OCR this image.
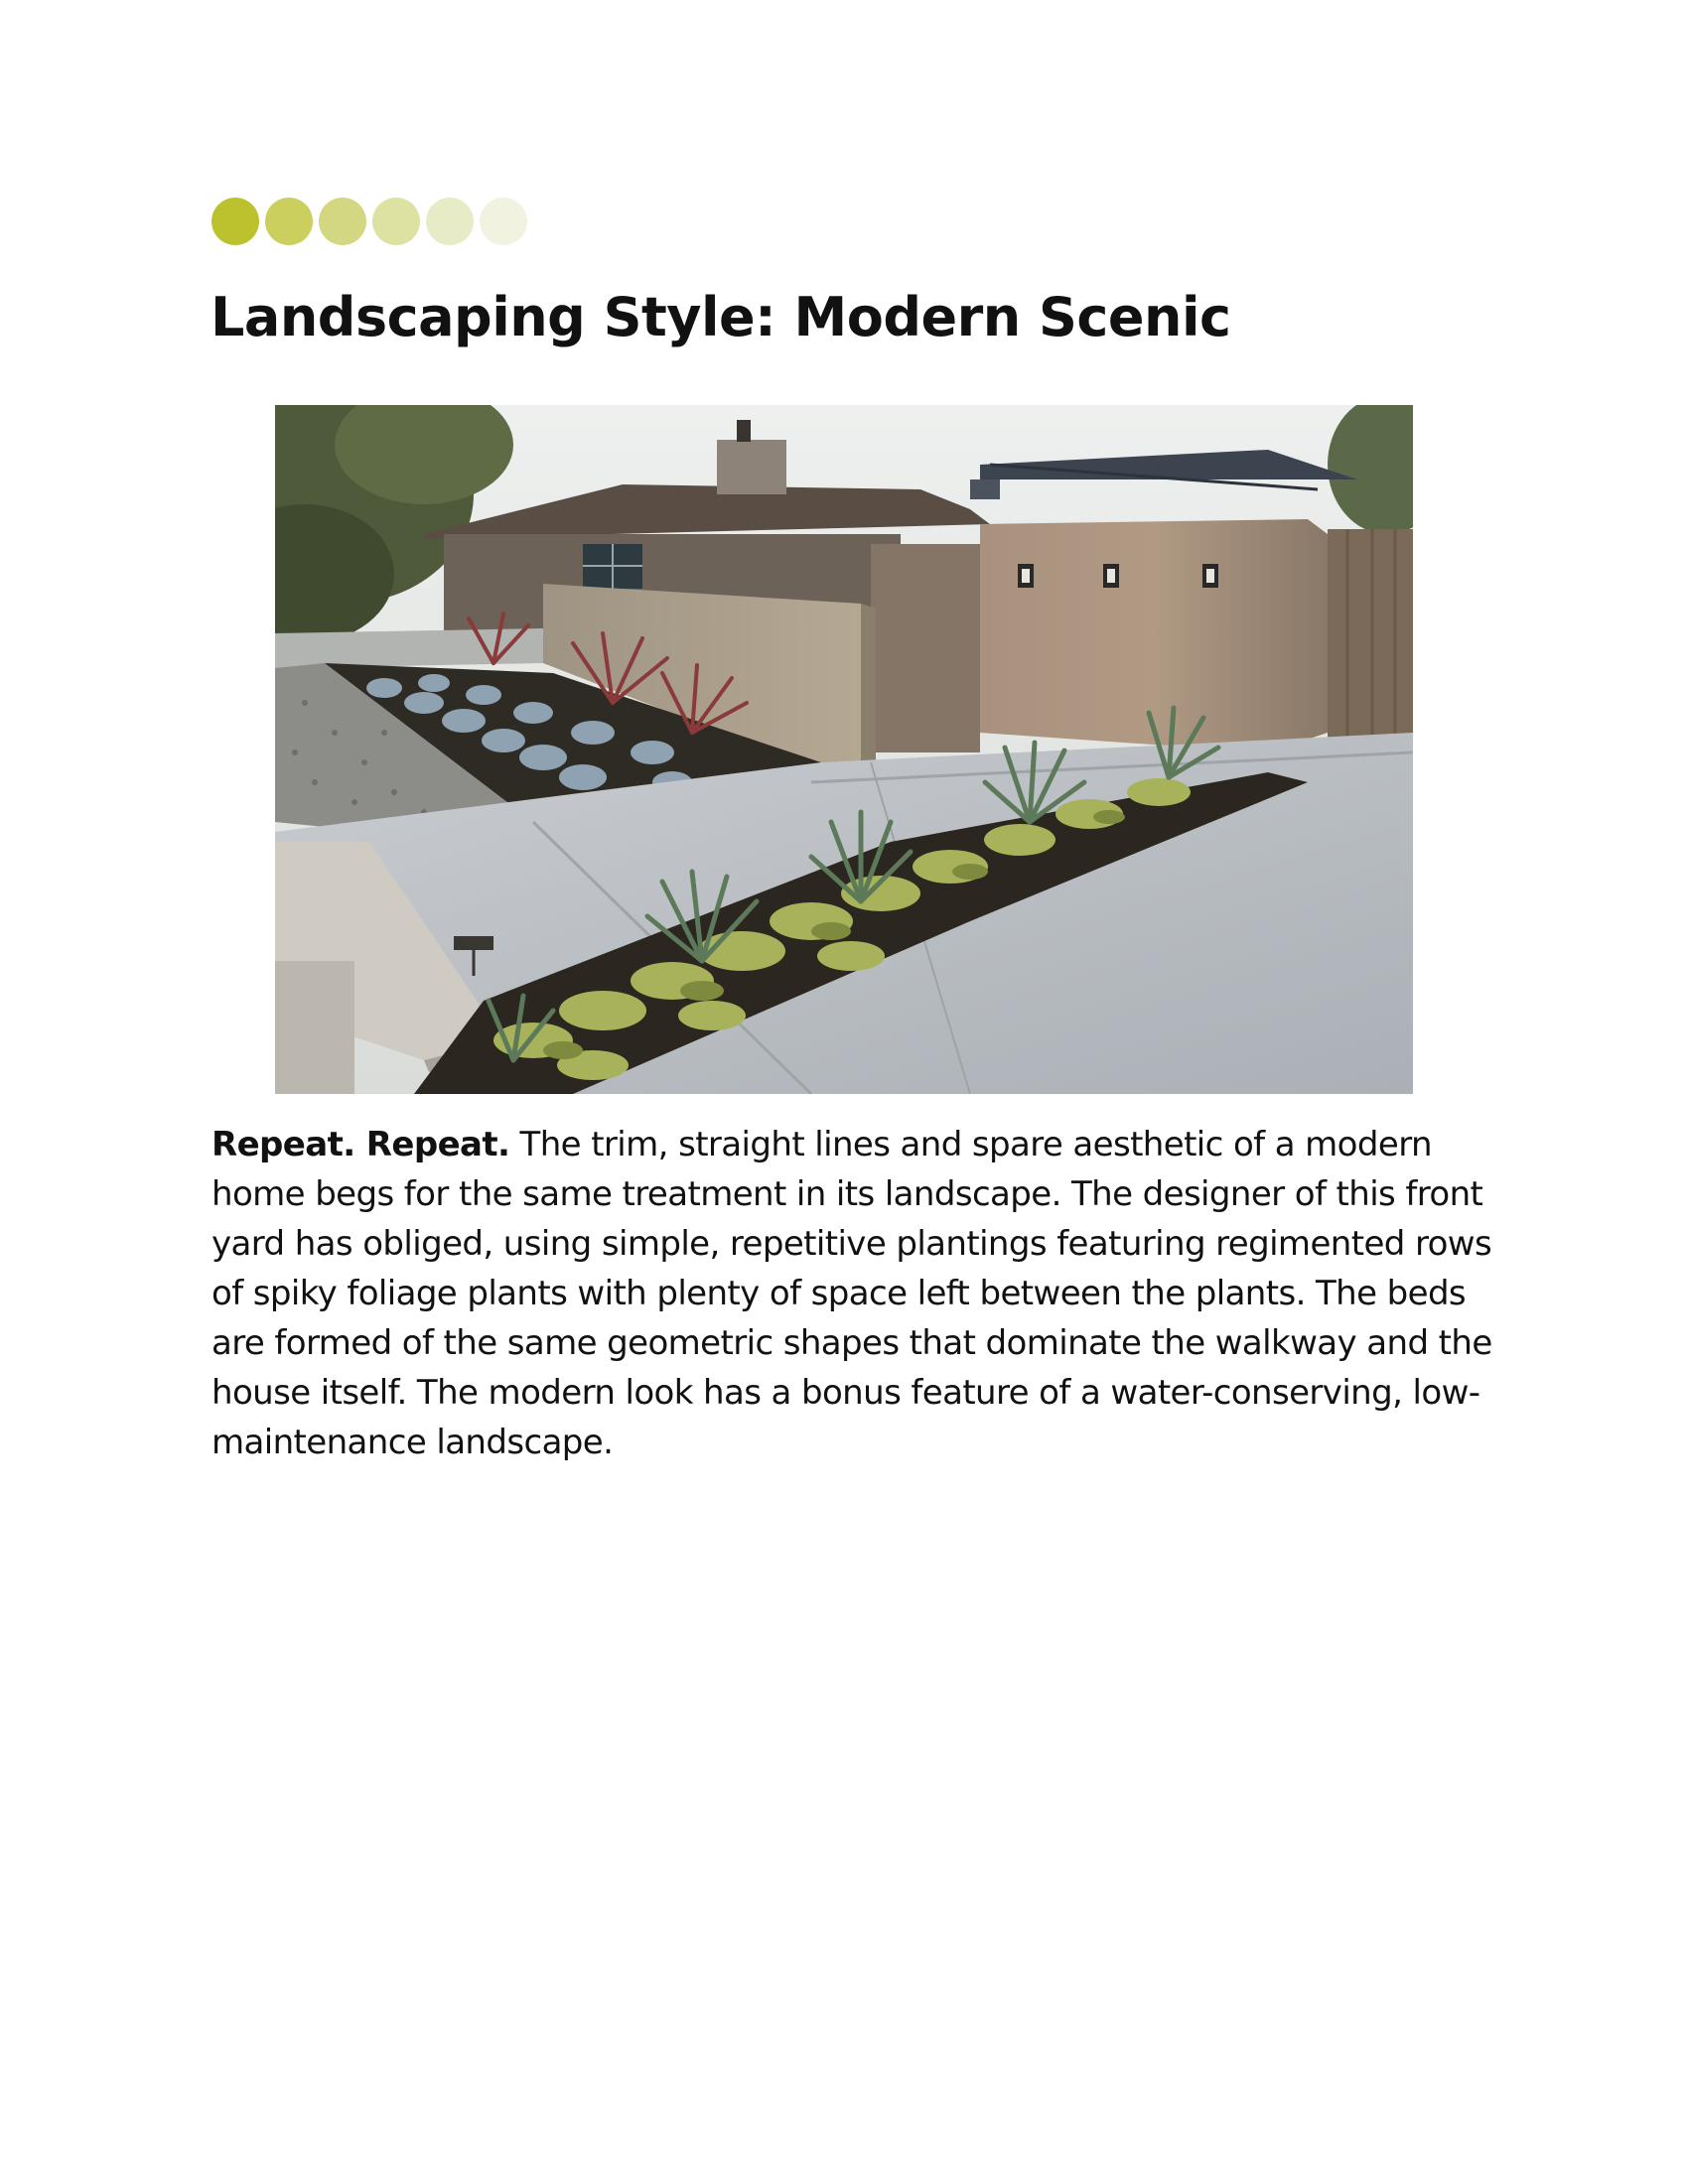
Landscaping Style: Modern Scenic

Repeat. Repeat. The trim, straight lines and spare aesthetic of a modern home begs for the same treatment in its landscape. The designer of this front yard has obliged, using simple, repetitive plantings featuring regimented rows of spiky foliage plants with plenty of space left between the plants. The beds are formed of the same geometric shapes that dominate the walkway and the house itself. The modern look has a bonus feature of a water-conserving, low-maintenance landscape.
